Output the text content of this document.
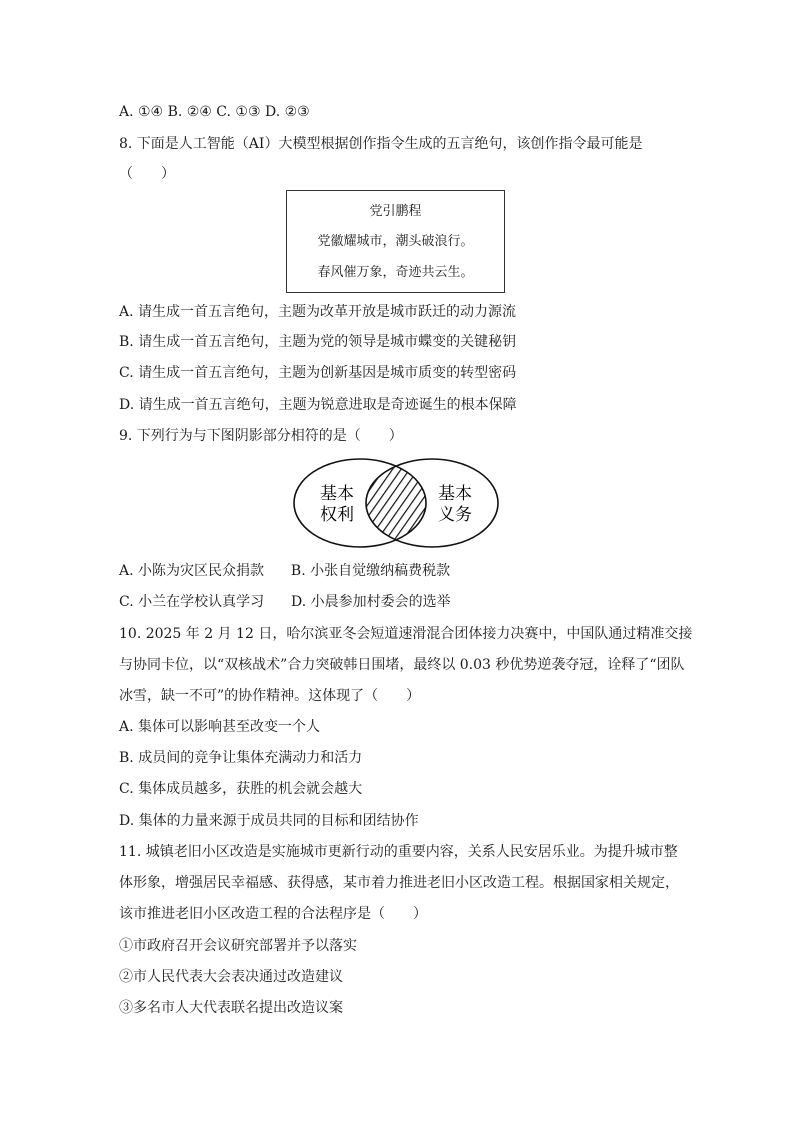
A. ①④ B. ②④ C. ①③ D. ②③
8. 下面是人工智能（AI）大模型根据创作指令生成的五言绝句，该创作指令最可能是
（　　）
党引鹏程
党徽耀城市，潮头破浪行。
春风催万象，奇迹共云生。
A. 请生成一首五言绝句，主题为改革开放是城市跃迁的动力源流
B. 请生成一首五言绝句，主题为党的领导是城市蝶变的关键秘钥
C. 请生成一首五言绝句，主题为创新基因是城市质变的转型密码
D. 请生成一首五言绝句，主题为锐意进取是奇迹诞生的根本保障
9. 下列行为与下图阴影部分相符的是（　　）
基本
权利
基本
义务
A. 小陈为灾区民众捐款 B. 小张自觉缴纳稿费税款
C. 小兰在学校认真学习 D. 小晨参加村委会的选举
10. 2025 年 2 月 12 日，哈尔滨亚冬会短道速滑混合团体接力决赛中，中国队通过精准交接
与协同卡位，以“双核战术”合力突破韩日围堵，最终以 0.03 秒优势逆袭夺冠，诠释了“团队
冰雪，缺一不可”的协作精神。这体现了（　　）
A. 集体可以影响甚至改变一个人
B. 成员间的竞争让集体充满动力和活力
C. 集体成员越多，获胜的机会就会越大
D. 集体的力量来源于成员共同的目标和团结协作
11. 城镇老旧小区改造是实施城市更新行动的重要内容，关系人民安居乐业。为提升城市整
体形象，增强居民幸福感、获得感，某市着力推进老旧小区改造工程。根据国家相关规定，
该市推进老旧小区改造工程的合法程序是（　　）
①市政府召开会议研究部署并予以落实
②市人民代表大会表决通过改造建议
③多名市人大代表联名提出改造议案
